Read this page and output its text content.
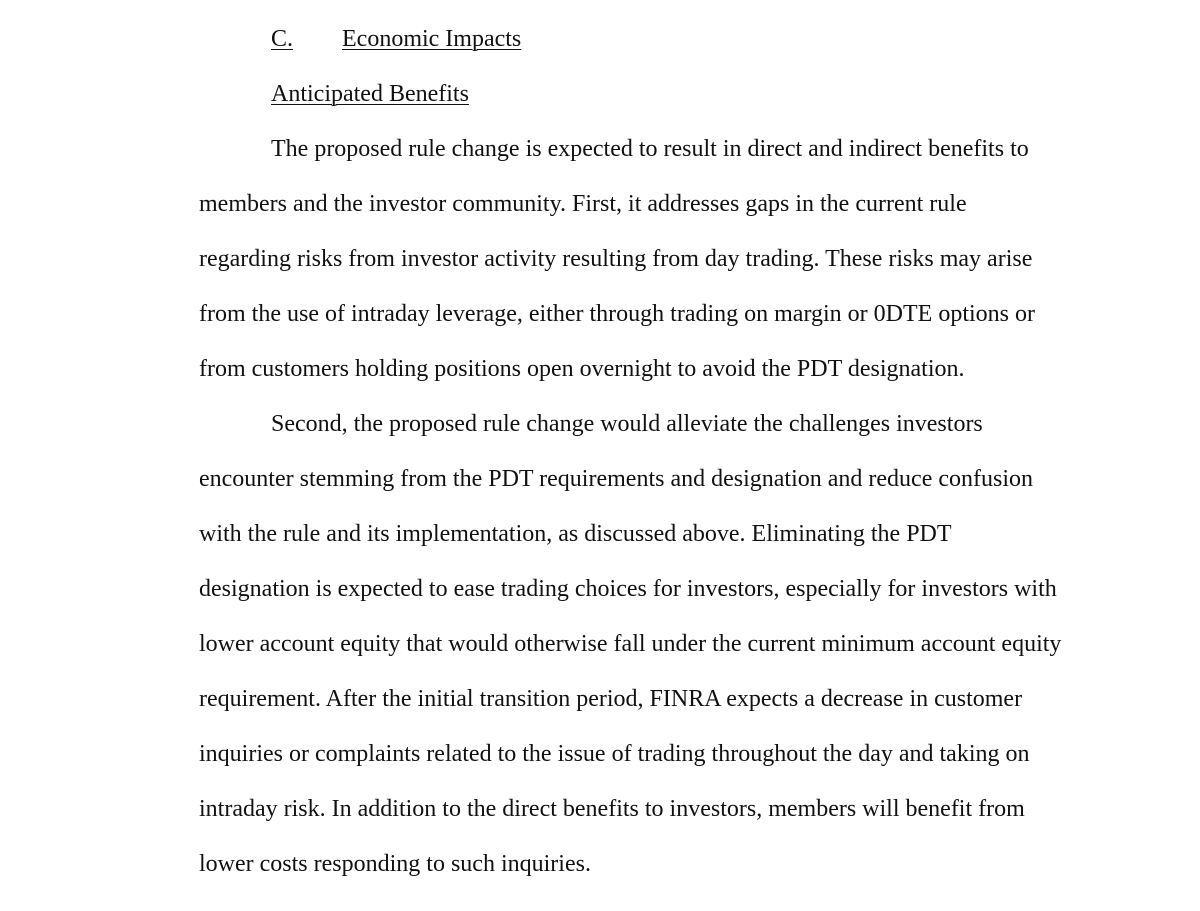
C. Economic Impacts
Anticipated Benefits
The proposed rule change is expected to result in direct and indirect benefits to
members and the investor community. First, it addresses gaps in the current rule
regarding risks from investor activity resulting from day trading. These risks may arise
from the use of intraday leverage, either through trading on margin or 0DTE options or
from customers holding positions open overnight to avoid the PDT designation.
Second, the proposed rule change would alleviate the challenges investors
encounter stemming from the PDT requirements and designation and reduce confusion
with the rule and its implementation, as discussed above. Eliminating the PDT
designation is expected to ease trading choices for investors, especially for investors with
lower account equity that would otherwise fall under the current minimum account equity
requirement. After the initial transition period, FINRA expects a decrease in customer
inquiries or complaints related to the issue of trading throughout the day and taking on
intraday risk. In addition to the direct benefits to investors, members will benefit from
lower costs responding to such inquiries.
